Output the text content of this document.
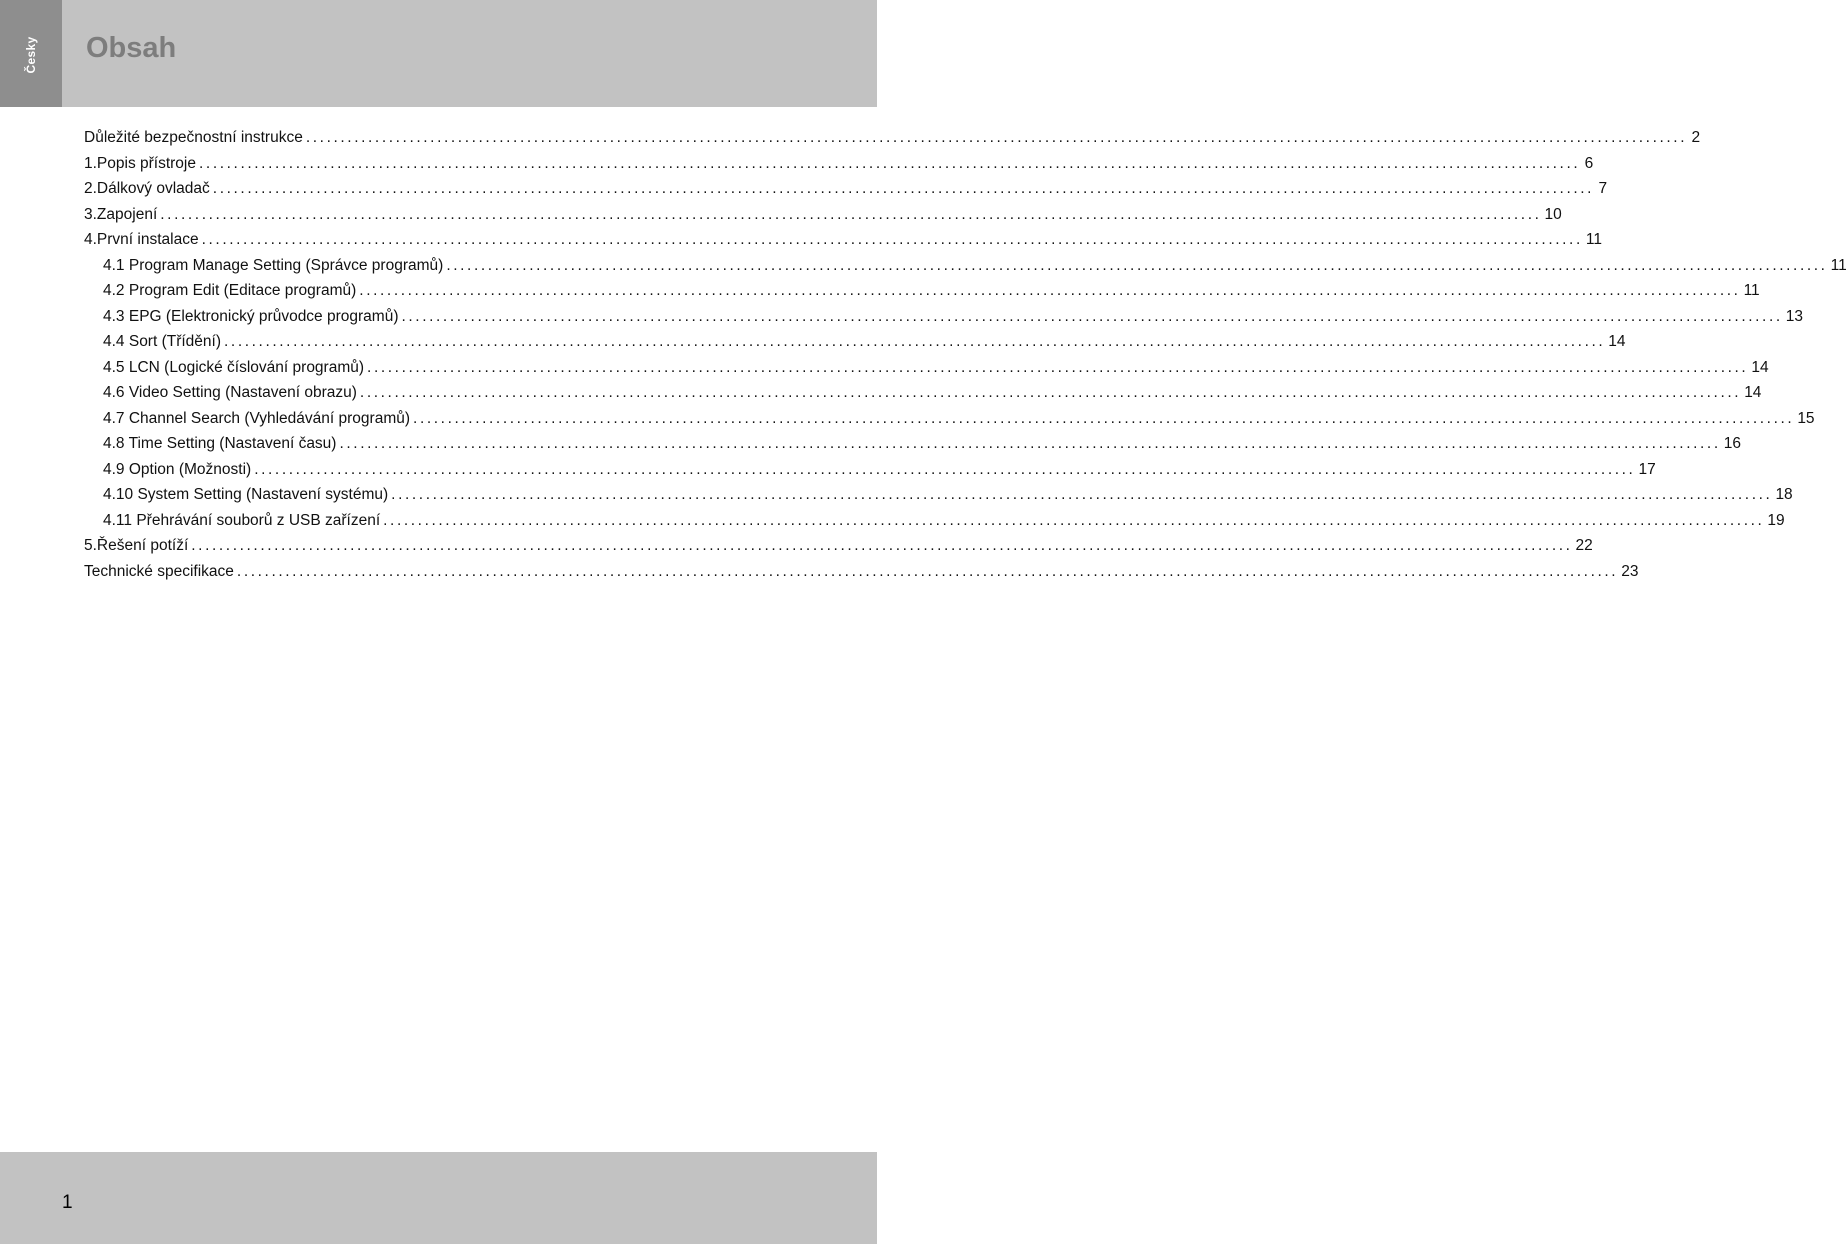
Česky Obsah
Důležité bezpečnostní instrukce ........................................................................................................................................................................................................ 2
1.Popis přístroje ........................................................................................................................................................................................................ 6
2.Dálkový ovladač ........................................................................................................................................................................................................ 7
3.Zapojení ........................................................................................................................................................................................................ 10
4.První instalace ........................................................................................................................................................................................................ 11
4.1 Program Manage Setting (Správce programů) ........................................................................................................................................................................................................ 11
4.2 Program Edit (Editace programů) ........................................................................................................................................................................................................ 11
4.3 EPG (Elektronický průvodce programů) ........................................................................................................................................................................................................ 13
4.4 Sort (Třídění) ........................................................................................................................................................................................................ 14
4.5 LCN (Logické číslování programů) ........................................................................................................................................................................................................ 14
4.6 Video Setting (Nastavení obrazu) ........................................................................................................................................................................................................ 14
4.7 Channel Search (Vyhledávání programů) ........................................................................................................................................................................................................ 15
4.8 Time Setting (Nastavení času) ........................................................................................................................................................................................................ 16
4.9 Option (Možnosti) ........................................................................................................................................................................................................ 17
4.10 System Setting (Nastavení systému) ........................................................................................................................................................................................................ 18
4.11 Přehrávání souborů z USB zařízení ........................................................................................................................................................................................................ 19
5.Řešení potíží ........................................................................................................................................................................................................ 22
Technické specifikace ........................................................................................................................................................................................................ 23
1
